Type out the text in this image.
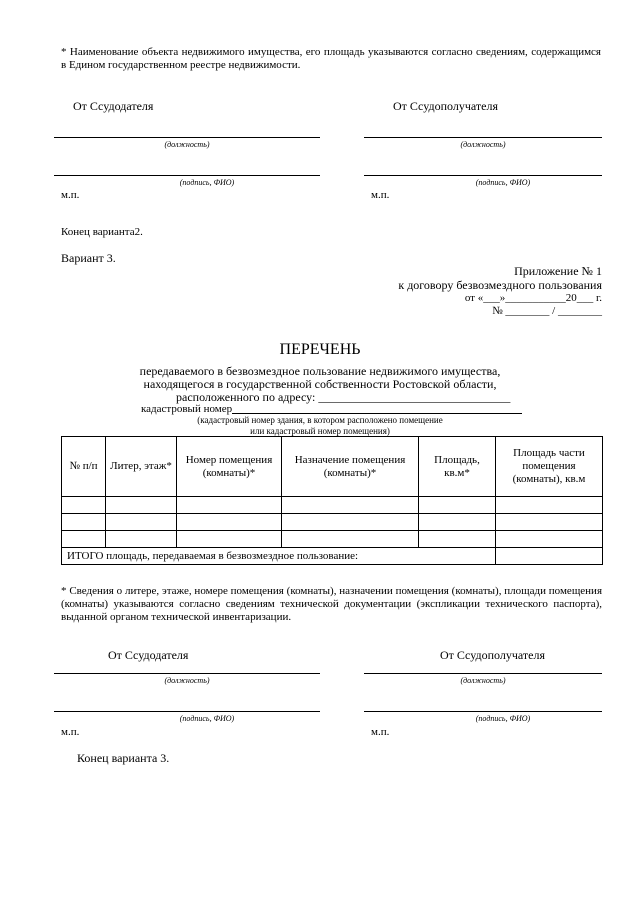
* Наименование объекта недвижимого имущества, его площадь указываются согласно сведениям, содержащимся в Едином государственном реестре недвижимости.
От Ссудодателя	От Ссудополучателя
(должность)	(должность)
(подпись, ФИО)	(подпись, ФИО)
м.п.	м.п.
Конец варианта2.
Вариант 3.
Приложение № 1
к договору безвозмездного пользования
от «___»___________20___ г.
№ ________ / ________
ПЕРЕЧЕНЬ
передаваемого в безвозмездное пользование недвижимого имущества,
находящегося в государственной собственности Ростовской области,
расположенного по адресу: ________________________________
кадастровый номер
(кадастровый номер здания, в котором расположено помещение
или кадастровый номер помещения)
№ п/п	Литер, этаж*	Номер помещения (комнаты)*	Назначение помещения (комнаты)*	Площадь, кв.м*	Площадь части помещения (комнаты), кв.м

ИТОГО площадь, передаваемая в безвозмездное пользование:					
* Сведения о литере, этаже, номере помещения (комнаты), назначении помещения (комнаты), площади помещения (комнаты) указываются согласно сведениям технической документации (экспликации технического паспорта), выданной органом технической инвентаризации.
От Ссудодателя	От Ссудополучателя
(должность)	(должность)
(подпись, ФИО)	(подпись, ФИО)
м.п.	м.п.
Конец варианта 3.
